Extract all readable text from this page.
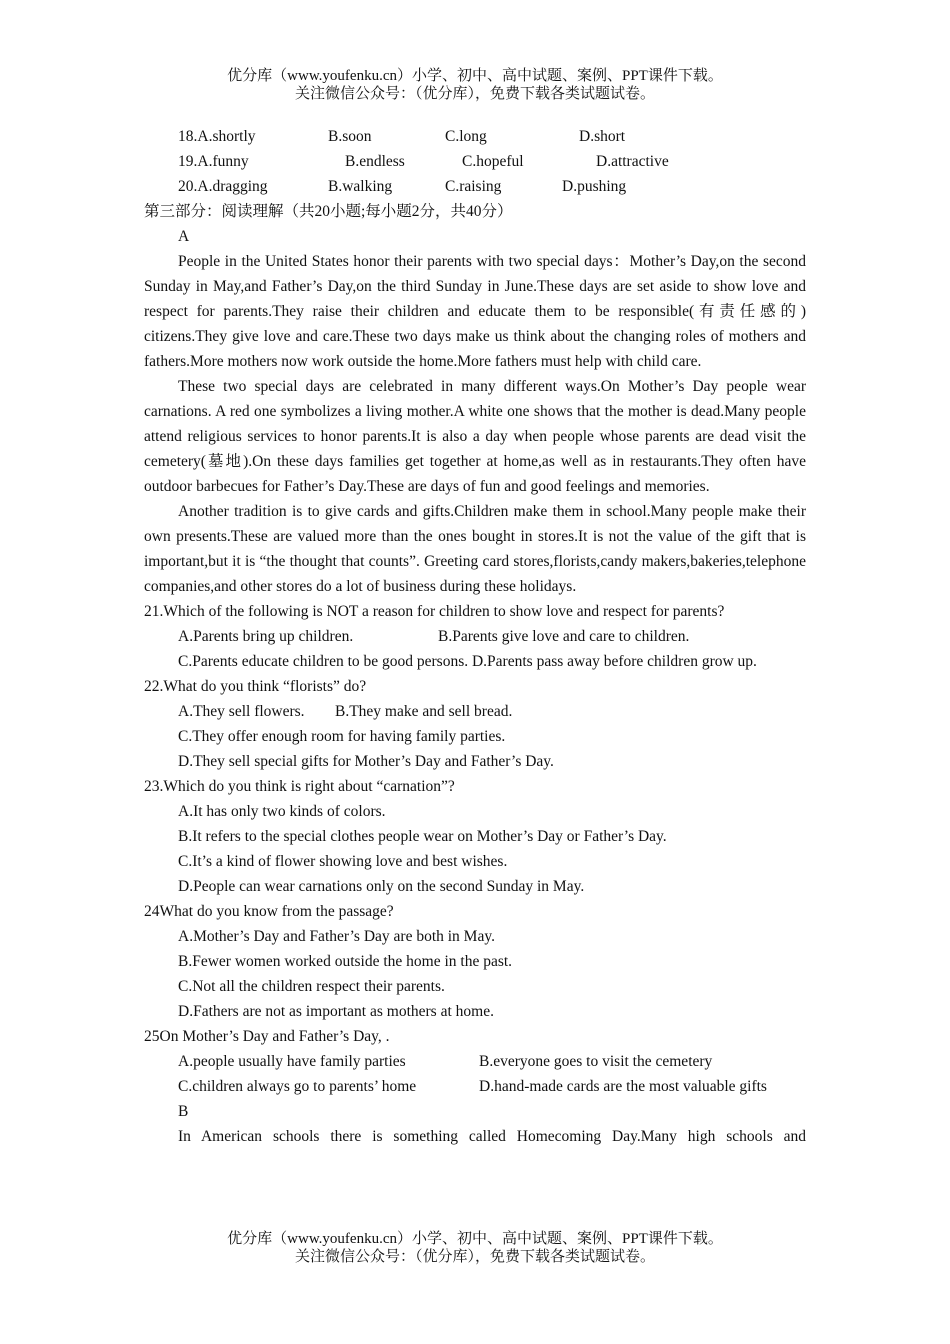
优分库（www.youfenku.cn）小学、初中、高中试题、案例、PPT课件下载。
关注微信公众号：（优分库），免费下载各类试题试卷。
18.A.shortly	B.soon	C.long	D.short
19.A.funny	B.endless	C.hopeful	D.attractive
20.A.dragging	B.walking	C.raising	D.pushing
第三部分：阅读理解（共20小题;每小题2分，共40分）
A

People in the United States honor their parents with two special days：Mother’s Day,on the second Sunday in May,and Father’s Day,on the third Sunday in June.These days are set aside to show love and respect for parents.They raise their children and educate them to be responsible(有责任感的) citizens.They give love and care.These two days make us think about the changing roles of mothers and fathers.More mothers now work outside the home.More fathers must help with child care.

These two special days are celebrated in many different ways.On Mother’s Day people wear carnations. A red one symbolizes a living mother.A white one shows that the mother is dead.Many people attend religious services to honor parents.It is also a day when people whose parents are dead visit the cemetery(墓地).On these days families get together at home,as well as in restaurants.They often have outdoor barbecues for Father’s Day.These are days of fun and good feelings and memories.

Another tradition is to give cards and gifts.Children make them in school.Many people make their own presents.These are valued more than the ones bought in stores.It is not the value of the gift that is important,but it is “the thought that counts”. Greeting card stores,florists,candy makers,bakeries,telephone companies,and other stores do a lot of business during these holidays.

21.Which of the following is NOT a reason for children to show love and respect for parents?

A.Parents bring up children.	B.Parents give love and care to children.

C.Parents educate children to be good persons. D.Parents pass away before children grow up.

22.What do you think “florists” do?
A.They sell flowers. B.They make and sell bread.
C.They offer enough room for having family parties.
D.They sell special gifts for Mother’s Day and Father’s Day.
23.Which do you think is right about “carnation”?
A.It has only two kinds of colors.
B.It refers to the special clothes people wear on Mother’s Day or Father’s Day.
C.It’s a kind of flower showing love and best wishes.
D.People can wear carnations only on the second Sunday in May.
24What do you know from the passage?
A.Mother’s Day and Father’s Day are both in May.
B.Fewer women worked outside the home in the past.
C.Not all the children respect their parents.
D.Fathers are not as important as mothers at home.
25On Mother’s Day and Father’s Day, .
A.people usually have family parties	B.everyone goes to visit the cemetery
C.children always go to parents’ home	D.hand-made cards are the most valuable gifts
B

In American schools there is something called Homecoming Day.Many high schools and

优分库（www.youfenku.cn）小学、初中、高中试题、案例、PPT课件下载。
关注微信公众号：（优分库），免费下载各类试题试卷。
